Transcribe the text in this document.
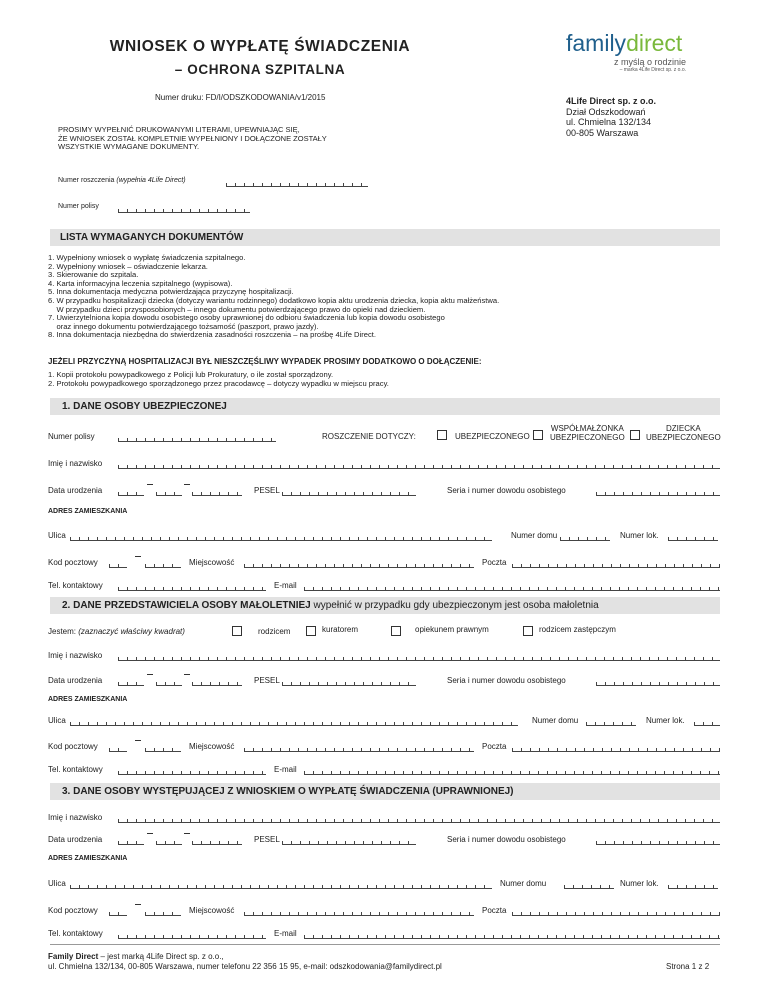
WNIOSEK O WYPŁATĘ ŚWIADCZENIA
– OCHRONA SZPITALNA
Numer druku: FD/I/ODSZKODOWANIA/v1/2015
familydirect
z myślą o rodzinie
– marka 4Life Direct sp. z o.o.
4Life Direct sp. z o.o.
Dział Odszkodowań
ul. Chmielna 132/134
00-805 Warszawa
PROSIMY WYPEŁNIĆ DRUKOWANYMI LITERAMI, UPEWNIAJĄC SIĘ,
ŻE WNIOSEK ZOSTAŁ KOMPLETNIE WYPEŁNIONY I DOŁĄCZONE ZOSTAŁY
WSZYSTKIE WYMAGANE DOKUMENTY.
Numer roszczenia (wypełnia 4Life Direct)
Numer polisy
LISTA WYMAGANYCH DOKUMENTÓW
1. Wypełniony wniosek o wypłatę świadczenia szpitalnego.
2. Wypełniony wniosek – oświadczenie lekarza.
3. Skierowanie do szpitala.
4. Karta informacyjna leczenia szpitalnego (wypisowa).
5. Inna dokumentacja medyczna potwierdzająca przyczynę hospitalizacji.
6. W przypadku hospitalizacji dziecka (dotyczy wariantu rodzinnego) dodatkowo kopia aktu urodzenia dziecka, kopia aktu małżeństwa.
W przypadku dzieci przysposobionych – innego dokumentu potwierdzającego prawo do opieki nad dzieckiem.
7. Uwierzytelniona kopia dowodu osobistego osoby uprawnionej do odbioru świadczenia lub kopia dowodu osobistego
oraz innego dokumentu potwierdzającego tożsamość (paszport, prawo jazdy).
8. Inna dokumentacja niezbędna do stwierdzenia zasadności roszczenia – na prośbę 4Life Direct.
JEŻELI PRZYCZYNĄ HOSPITALIZACJI BYŁ NIESZCZĘŚLIWY WYPADEK PROSIMY DODATKOWO O DOŁĄCZENIE:
1. Kopii protokołu powypadkowego z Policji lub Prokuratury, o ile został sporządzony.
2. Protokołu powypadkowego sporządzonego przez pracodawcę – dotyczy wypadku w miejscu pracy.
1. DANE OSOBY UBEZPIECZONEJ
Numer polisy	ROSZCZENIE DOTYCZY:	UBEZPIECZONEGO
WSPÓŁMAŁŻONKA
UBEZPIECZONEGO
DZIECKA
UBEZPIECZONEGO
Imię i nazwisko
Data urodzenia	PESEL	Seria i numer dowodu osobistego
ADRES ZAMIESZKANIA
Ulica	Numer domu	Numer lok.
Kod pocztowy	Miejscowość	Poczta
Tel. kontaktowy	E-mail
2. DANE PRZEDSTAWICIELA OSOBY MAŁOLETNIEJ wypełnić w przypadku gdy ubezpieczonym jest osoba małoletnia
Jestem: (zaznaczyć właściwy kwadrat)	rodzicem	kuratorem	opiekunem prawnym	rodzicem zastępczym
Imię i nazwisko
Data urodzenia	PESEL	Seria i numer dowodu osobistego
ADRES ZAMIESZKANIA
Ulica	Numer domu	Numer lok.
Kod pocztowy	Miejscowość	Poczta
Tel. kontaktowy	E-mail
3. DANE OSOBY WYSTĘPUJĄCEJ Z WNIOSKIEM O WYPŁATĘ ŚWIADCZENIA (UPRAWNIONEJ)
Imię i nazwisko
Data urodzenia	PESEL	Seria i numer dowodu osobistego
ADRES ZAMIESZKANIA
Ulica	Numer domu	Numer lok.
Kod pocztowy	Miejscowość	Poczta
Tel. kontaktowy	E-mail
Family Direct – jest marką 4Life Direct sp. z o.o.,
ul. Chmielna 132/134, 00-805 Warszawa, numer telefonu 22 356 15 95, e-mail: odszkodowania@familydirect.pl	Strona 1 z 2
